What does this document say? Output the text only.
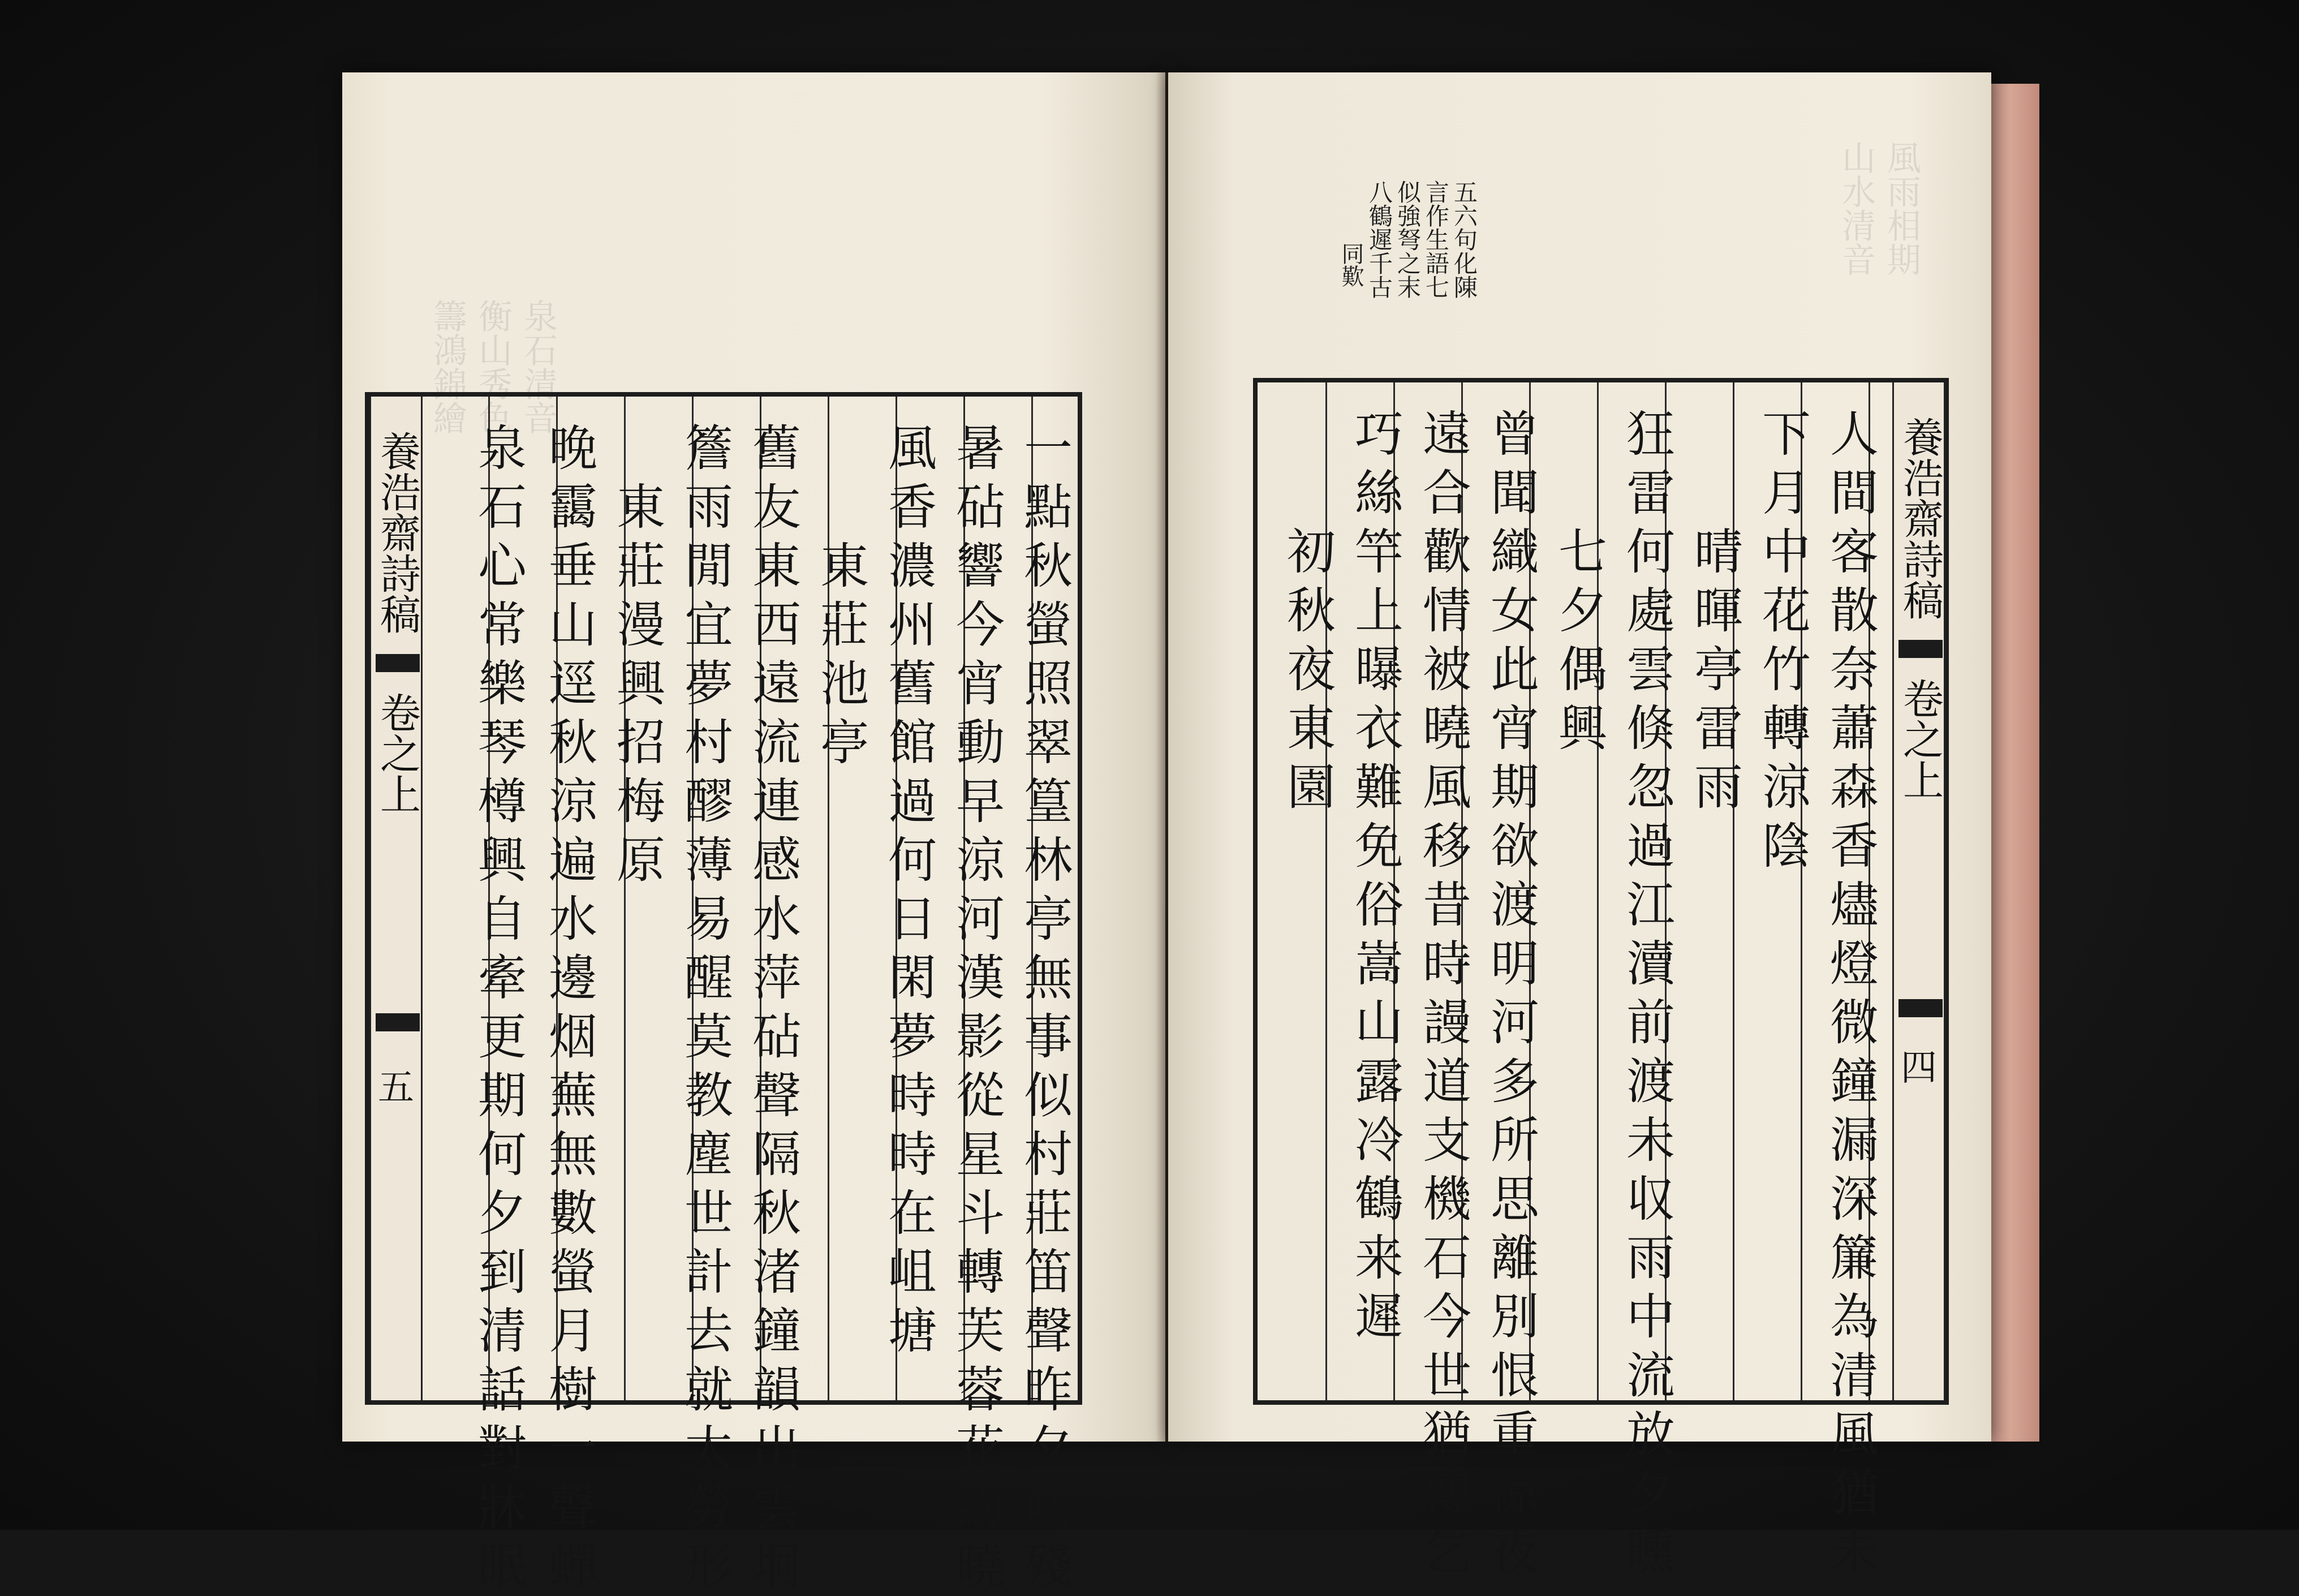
籌鴻錦繪 衡山秀色 泉石清音
養浩齋詩稿
卷之上
五
一
點
秋
螢
照
翠
篁
林
亭
無
事
似
村
莊
笛
聲
昨
夕
吹
殘
暑
砧
響
今
宵
動
早
涼
河
漢
影
從
星
斗
轉
芙
蓉
花
約
曉
風
香
濃
州
舊
館
過
何
日
閑
夢
時
時
在
岨
塘

東
莊
池
亭
舊
友
東
西
遠
流
連
感
水
萍
砧
聲
隔
秋
渚
鐘
韻
出
雲
坰
簷
雨
閒
宜
夢
村
醪
薄
易
醒
莫
教
塵
世
計
去
就
太
勞
形

東
莊
漫
興
招
梅
原
晚
靄
垂
山
逕
秋
涼
遍
水
邊
烟
蕪
無
數
螢
月
樹
一
聲
蟬
泉
石
心
常
樂
琴
樽
興
自
牽
更
期
何
夕
到
清
話
對
牀
眠
風雨相期
山水清音
同歎 八鶴遲千古 似強弩之末 言作生語七 五六句化陳
養浩齋詩稿
卷之上
四
人
間
客
散
奈
蕭
森
香
燼
燈
微
鐘
漏
深
簾
為
清
風
猶
未
下
月
中
花
竹
轉
涼
陰

晴
暉
亭
雷
雨
狂
雷
何
處
雲
倏
忽
過
江
瀆
前
渡
未
収
雨
中
流
放
夕
曛

七
夕
偶
興
曾
聞
織
女
此
宵
期
欲
渡
明
河
多
所
思
離
別
恨
重
涼
夜
遠
合
歡
情
被
曉
風
移
昔
時
謾
道
支
機
石
今
世
猶
傳
乞
巧
絲
竿
上
曝
衣
難
免
俗
嵩
山
露
冷
鶴
来
遲

初
秋
夜
東
園
